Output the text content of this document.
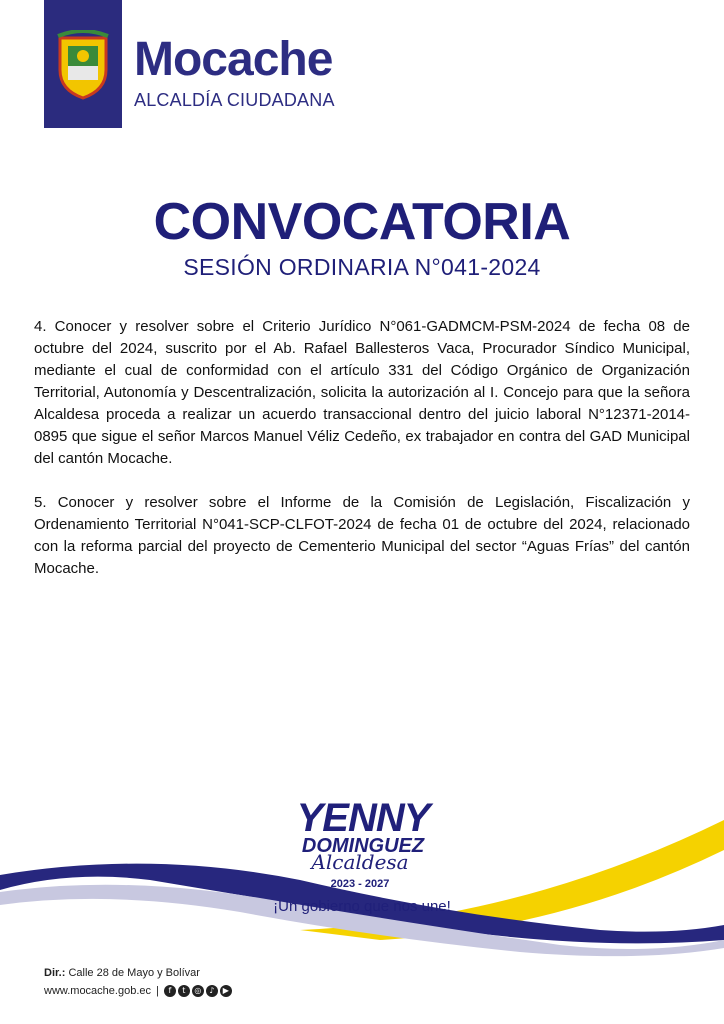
Mocache
ALCALDÍA CIUDADANA
CONVOCATORIA
SESIÓN ORDINARIA N°041-2024

4. Conocer y resolver sobre el Criterio Jurídico N°061-GADMCM-PSM-2024 de fecha 08 de octubre del 2024, suscrito por el Ab. Rafael Ballesteros Vaca, Procurador Síndico Municipal, mediante el cual de conformidad con el artículo 331 del Código Orgánico de Organización Territorial, Autonomía y Descentralización, solicita la autorización al I. Concejo para que la señora Alcaldesa proceda a realizar un acuerdo transaccional dentro del juicio laboral N°12371-2014-0895 que sigue el señor Marcos Manuel Véliz Cedeño, ex trabajador en contra del GAD Municipal del cantón Mocache.

5. Conocer y resolver sobre el Informe de la Comisión de Legislación, Fiscalización y Ordenamiento Territorial N°041-SCP-CLFOT-2024 de fecha 01 de octubre del 2024, relacionado con la reforma parcial del proyecto de Cementerio Municipal del sector “Aguas Frías” del cantón Mocache.

YENNY
DOMINGUEZ
Alcaldesa
2023 - 2027
¡Un gobierno que nos une!
Dir.: Calle 28 de Mayo y Bolívar
www.mocache.gob.ec |	f	t	◎ ♪	▶
